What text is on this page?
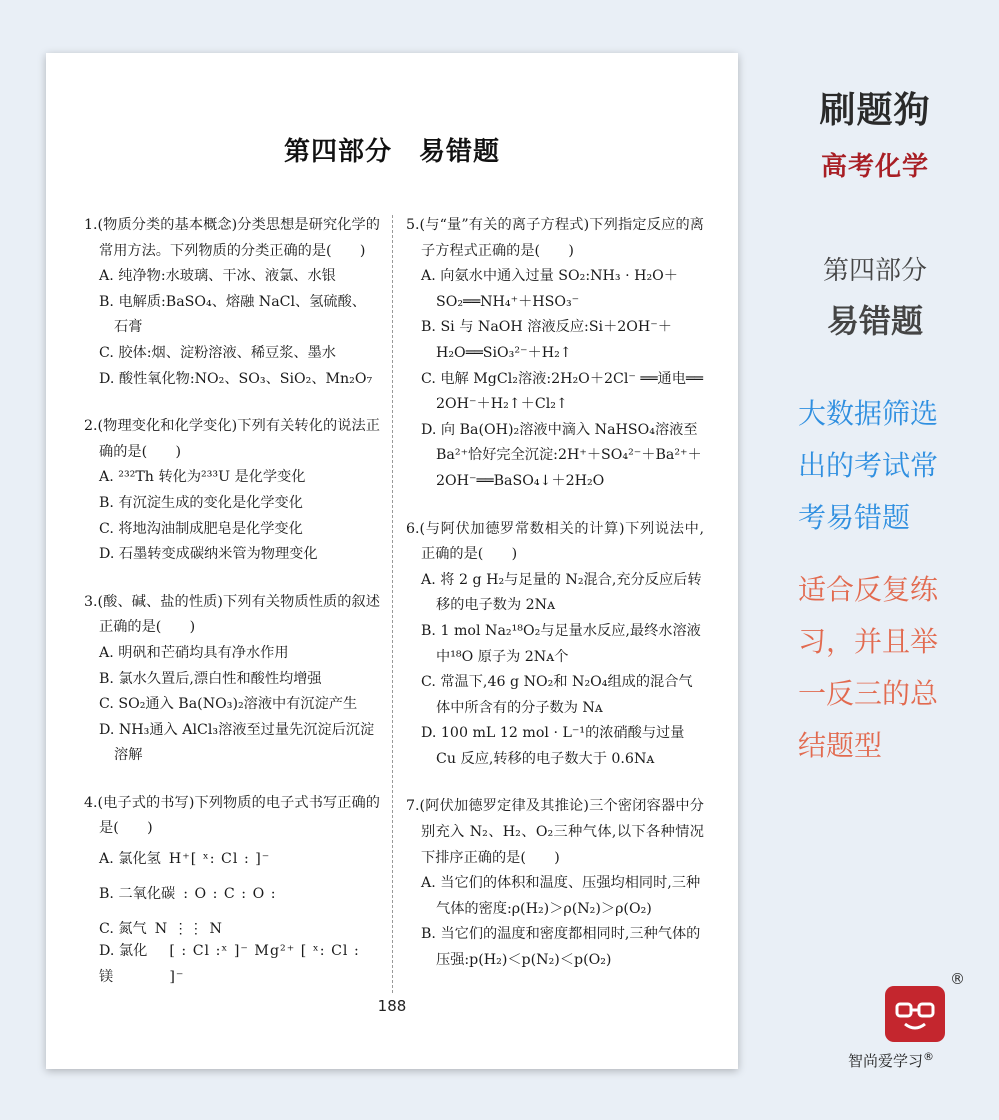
第四部分　易错题
1.(物质分类的基本概念)分类思想是研究化学的常用方法。下列物质的分类正确的是(　　)
A. 纯净物:水玻璃、干冰、液氯、水银
B. 电解质:BaSO₄、熔融 NaCl、氢硫酸、石膏
C. 胶体:烟、淀粉溶液、稀豆浆、墨水
D. 酸性氧化物:NO₂、SO₃、SiO₂、Mn₂O₇
2.(物理变化和化学变化)下列有关转化的说法正确的是(　　)
A. ²³²Th 转化为²³³U 是化学变化
B. 有沉淀生成的变化是化学变化
C. 将地沟油制成肥皂是化学变化
D. 石墨转变成碳纳米管为物理变化
3.(酸、碱、盐的性质)下列有关物质性质的叙述正确的是(　　)
A. 明矾和芒硝均具有净水作用
B. 氯水久置后,漂白性和酸性均增强
C. SO₂通入 Ba(NO₃)₂溶液中有沉淀产生
D. NH₃通入 AlCl₃溶液至过量先沉淀后沉淀溶解
4.(电子式的书写)下列物质的电子式书写正确的是(　　)
A. 氯化氢 H⁺[ ˣ: Cl : ]⁻
B. 二氧化碳 : O : C : O :
C. 氮气 N ⋮⋮ N
D. 氯化镁
[ : Cl :ˣ ]⁻ Mg²⁺ [ ˣ: Cl : ]⁻
5.(与“量”有关的离子方程式)下列指定反应的离子方程式正确的是(　　)
A. 向氨水中通入过量 SO₂:NH₃ · H₂O＋SO₂══NH₄⁺＋HSO₃⁻
B. Si 与 NaOH 溶液反应:Si＋2OH⁻＋H₂O══SiO₃²⁻＋H₂↑
C. 电解 MgCl₂溶液:2H₂O＋2Cl⁻ ══通电══ 2OH⁻＋H₂↑＋Cl₂↑
D. 向 Ba(OH)₂溶液中滴入 NaHSO₄溶液至 Ba²⁺恰好完全沉淀:2H⁺＋SO₄²⁻＋Ba²⁺＋2OH⁻══BaSO₄↓＋2H₂O
6.(与阿伏加德罗常数相关的计算)下列说法中,正确的是(　　)
A. 将 2 g H₂与足量的 N₂混合,充分反应后转移的电子数为 2Nᴀ
B. 1 mol Na₂¹⁸O₂与足量水反应,最终水溶液中¹⁸O 原子为 2Nᴀ个
C. 常温下,46 g NO₂和 N₂O₄组成的混合气体中所含有的分子数为 Nᴀ
D. 100 mL 12 mol · L⁻¹的浓硝酸与过量Cu 反应,转移的电子数大于 0.6Nᴀ
7.(阿伏加德罗定律及其推论)三个密闭容器中分别充入 N₂、H₂、O₂三种气体,以下各种情况下排序正确的是(　　)
A. 当它们的体积和温度、压强均相同时,三种气体的密度:ρ(H₂)＞ρ(N₂)＞ρ(O₂)
B. 当它们的温度和密度都相同时,三种气体的压强:p(H₂)＜p(N₂)＜p(O₂)
188
刷题狗
高考化学
第四部分
易错题
大数据筛选
出的考试常
考易错题
适合反复练
习，并且举
一反三的总
结题型
®
智尚爱学习®
